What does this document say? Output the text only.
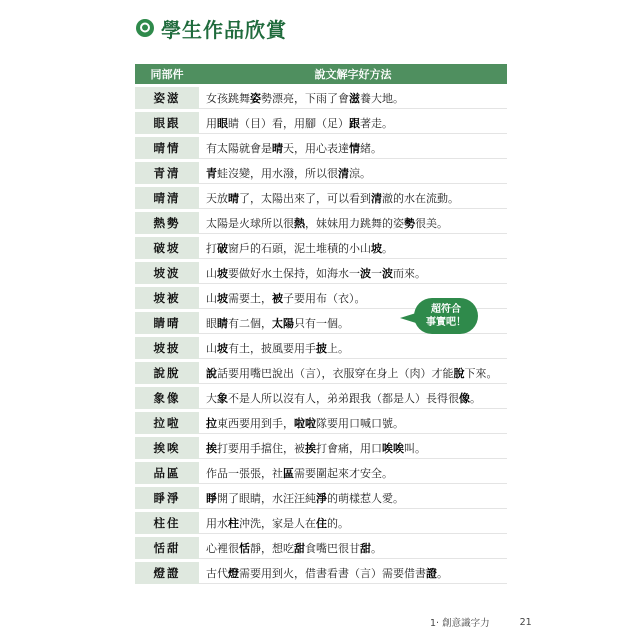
學生作品欣賞
同部件	說文解字好方法
姿滋	女孩跳舞姿勢漂亮，下雨了會滋養大地。
眼跟	用眼睛（目）看，用腳（足）跟著走。
晴情	有太陽就會是晴天，用心表達情緒。
青清	青蛙沒變，用水潑，所以很清涼。
晴清	天放晴了，太陽出來了，可以看到清澈的水在流動。
熱勢	太陽是火球所以很熱，妹妹用力跳舞的姿勢很美。
破坡	打破窗戶的石頭，泥土堆積的小山坡。
坡波	山坡要做好水土保持，如海水一波一波而來。
坡被	山坡需要土，被子要用布（衣）。
睛晴	眼睛有二個，太陽只有一個。
坡披	山坡有土，披風要用手披上。
說脫	說話要用嘴巴說出（言），衣服穿在身上（肉）才能脫下來。
象像	大象不是人所以沒有人，弟弟跟我（都是人）長得很像。
拉啦	拉東西要用到手，啦啦隊要用口喊口號。
挨唉	挨打要用手擋住，被挨打會痛，用口唉唉叫。
品區	作品一張張，社區需要圍起來才安全。
睜淨	睜開了眼睛，水汪汪純淨的萌樣惹人愛。
柱住	用水柱沖洗，家是人在住的。
恬甜	心裡很恬靜，想吃甜食嘴巴很甘甜。
燈證	古代燈需要用到火，借書看書（言）需要借書證。
超符合
事實吧！
1‧ 創意識字力	21
